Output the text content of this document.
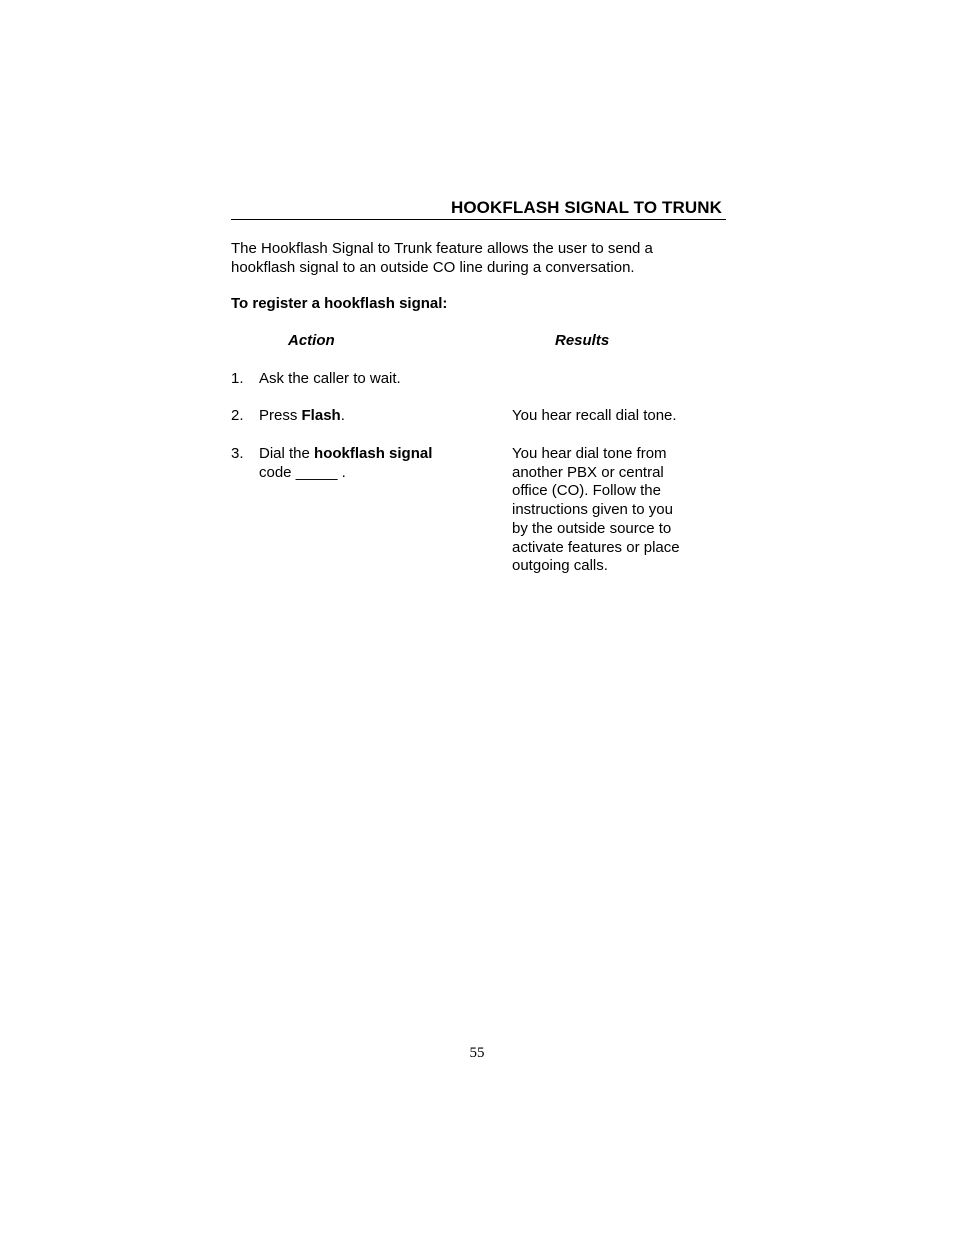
HOOKFLASH SIGNAL TO TRUNK

The Hookflash Signal to Trunk feature allows the user to send a

hookflash signal to an outside CO line during a conversation.

To register a hookflash signal:
Action	Results
1. Ask the caller to wait.

2. Press Flash.	You hear recall dial tone.

3. Dial the hookflash signal

code _____ .

You hear dial tone from

another PBX or central

office (CO). Follow the

instructions given to you

by the outside source to

activate features or place

outgoing calls.

55
